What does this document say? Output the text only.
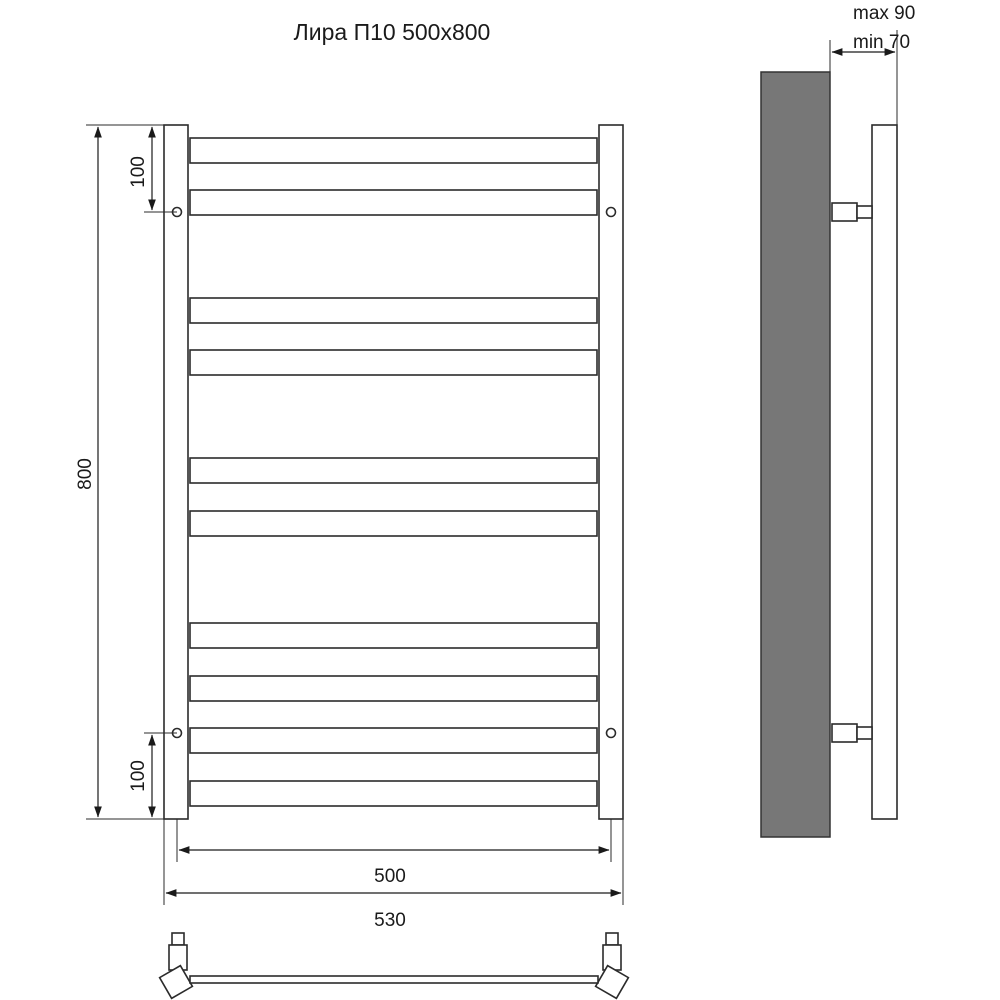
Лира П10 500x800
800
100
100
500
530
max 90
min 70
